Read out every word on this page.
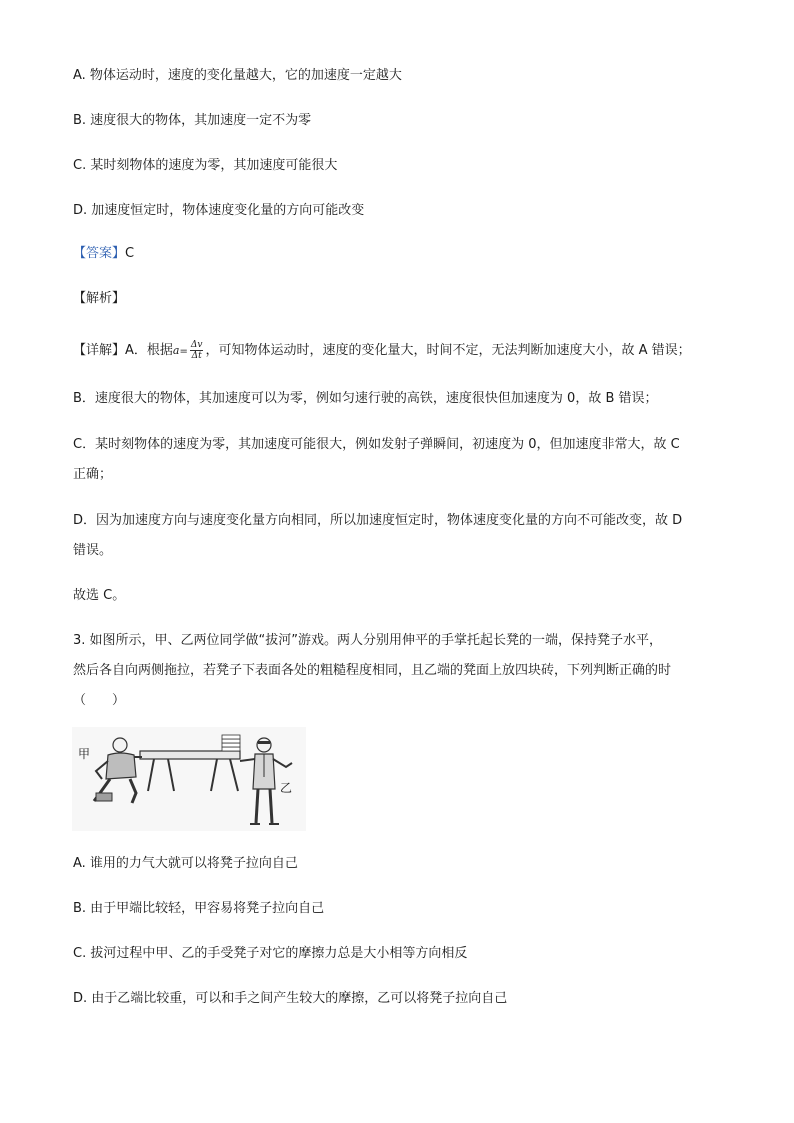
A. 物体运动时，速度的变化量越大，它的加速度一定越大
B. 速度很大的物体，其加速度一定不为零
C. 某时刻物体的速度为零，其加速度可能很大
D. 加速度恒定时，物体速度变化量的方向可能改变
【答案】C
【解析】
【详解】A．根据$a= \frac{\Delta v}{\Delta t}$ ，可知物体运动时，速度的变化量大，时间不定，无法判断加速度大小，故 A 错误；
B．速度很大的物体，其加速度可以为零，例如匀速行驶的高铁，速度很快但加速度为 0，故 B 错误；
C．某时刻物体的速度为零，其加速度可能很大，例如发射子弹瞬间，初速度为 0，但加速度非常大，故 C
正确；
D．因为加速度方向与速度变化量方向相同，所以加速度恒定时，物体速度变化量的方向不可能改变，故 D
错误。
故选 C。
3. 如图所示，甲、乙两位同学做“拔河”游戏。两人分别用伸平的手掌托起长凳的一端，保持凳子水平，
然后各自向两侧拖拉，若凳子下表面各处的粗糙程度相同，且乙端的凳面上放四块砖，下列判断正确的时
（　　）
甲
乙
A. 谁用的力气大就可以将凳子拉向自己
B. 由于甲端比较轻，甲容易将凳子拉向自己
C. 拔河过程中甲、乙的手受凳子对它的摩擦力总是大小相等方向相反
D. 由于乙端比较重，可以和手之间产生较大的摩擦，乙可以将凳子拉向自己
